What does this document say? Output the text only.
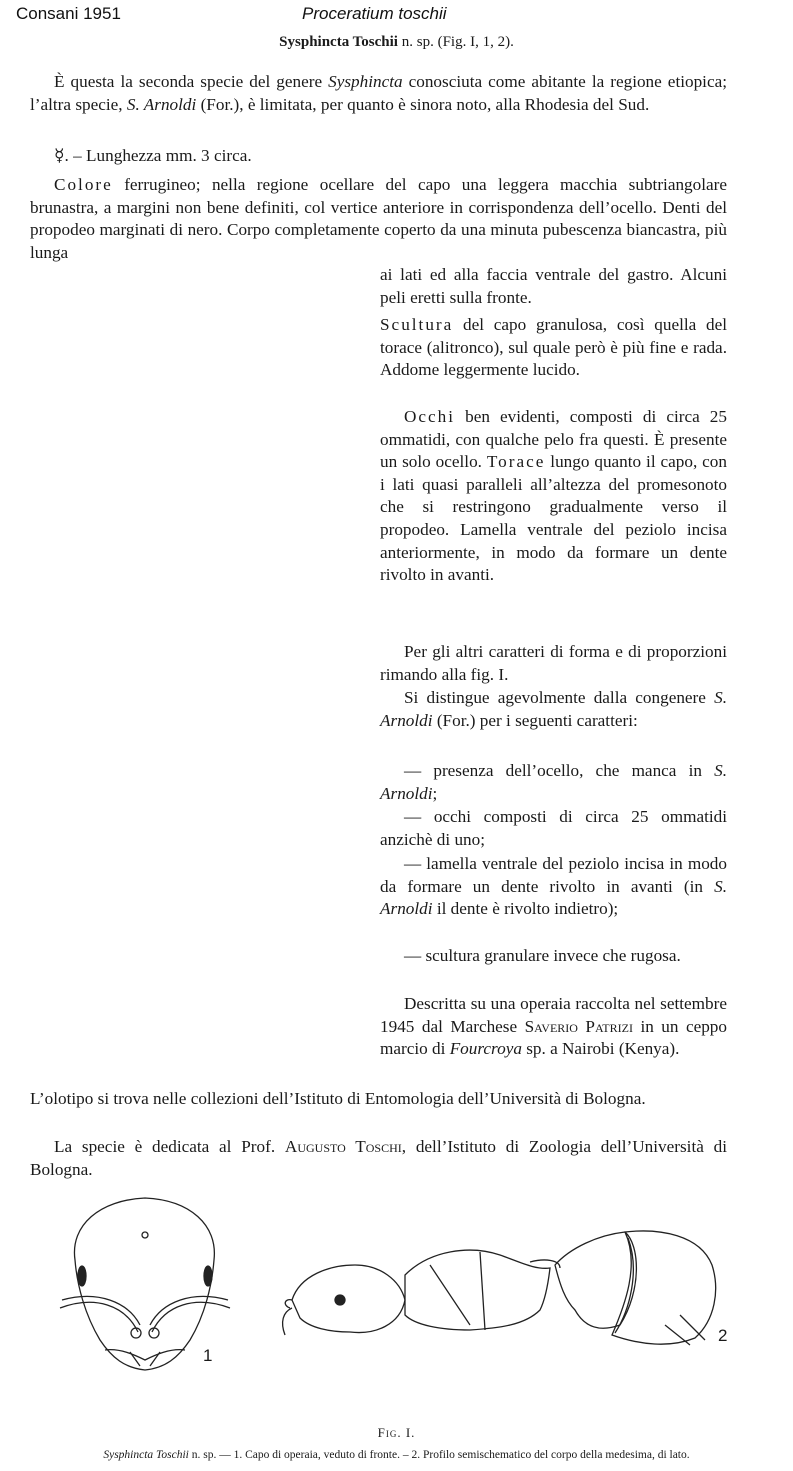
Consani 1951	Proceratium toschii
Sysphincta Toschii n. sp. (Fig. I, 1, 2).
È questa la seconda specie del genere Sysphincta conosciuta come abitante la regione etiopica; l’altra specie, S. Arnoldi (For.), è limitata, per quanto è sinora noto, alla Rhodesia del Sud.
☿. – Lunghezza mm. 3 circa.
Colore ferrugineo; nella regione ocellare del capo una leggera macchia subtriangolare brunastra, a margini non bene definiti, col vertice anteriore in corrispondenza dell’ocello. Denti del propodeo marginati di nero. Corpo completamente coperto da una minuta pubescenza biancastra, più lunga
ai lati ed alla faccia ventrale del gastro. Alcuni peli eretti sulla fronte.
Scultura del capo granulosa, così quella del torace (alitronco), sul quale però è più fine e rada. Addome leggermente lucido.
Occhi ben evidenti, composti di circa 25 ommatidi, con qualche pelo fra questi. È presente un solo ocello. Torace lungo quanto il capo, con i lati quasi paralleli all’altezza del promesonoto che si restringono gradualmente verso il propodeo. Lamella ventrale del peziolo incisa anteriormente, in modo da formare un dente rivolto in avanti.
Per gli altri caratteri di forma e di proporzioni rimando alla fig. I.
Si distingue agevolmente dalla congenere S. Arnoldi (For.) per i seguenti caratteri:
— presenza dell’ocello, che manca in S. Arnoldi;
— occhi composti di circa 25 ommatidi anzichè di uno;
— lamella ventrale del peziolo incisa in modo da formare un dente rivolto in avanti (in S. Arnoldi il dente è rivolto indietro);
— scultura granulare invece che rugosa.
Descritta su una operaia raccolta nel settembre 1945 dal Marchese Saverio Patrizi in un ceppo marcio di Fourcroya sp. a Nairobi (Kenya).
L’olotipo si trova nelle collezioni dell’Istituto di Entomologia dell’Università di Bologna.
La specie è dedicata al Prof. Augusto Toschi, dell’Istituto di Zoologia dell’Università di Bologna.
1
2
Fig. I.
Sysphincta Toschii n. sp. — 1. Capo di operaia, veduto di fronte. – 2. Profilo semischematico del corpo della medesima, di lato.
